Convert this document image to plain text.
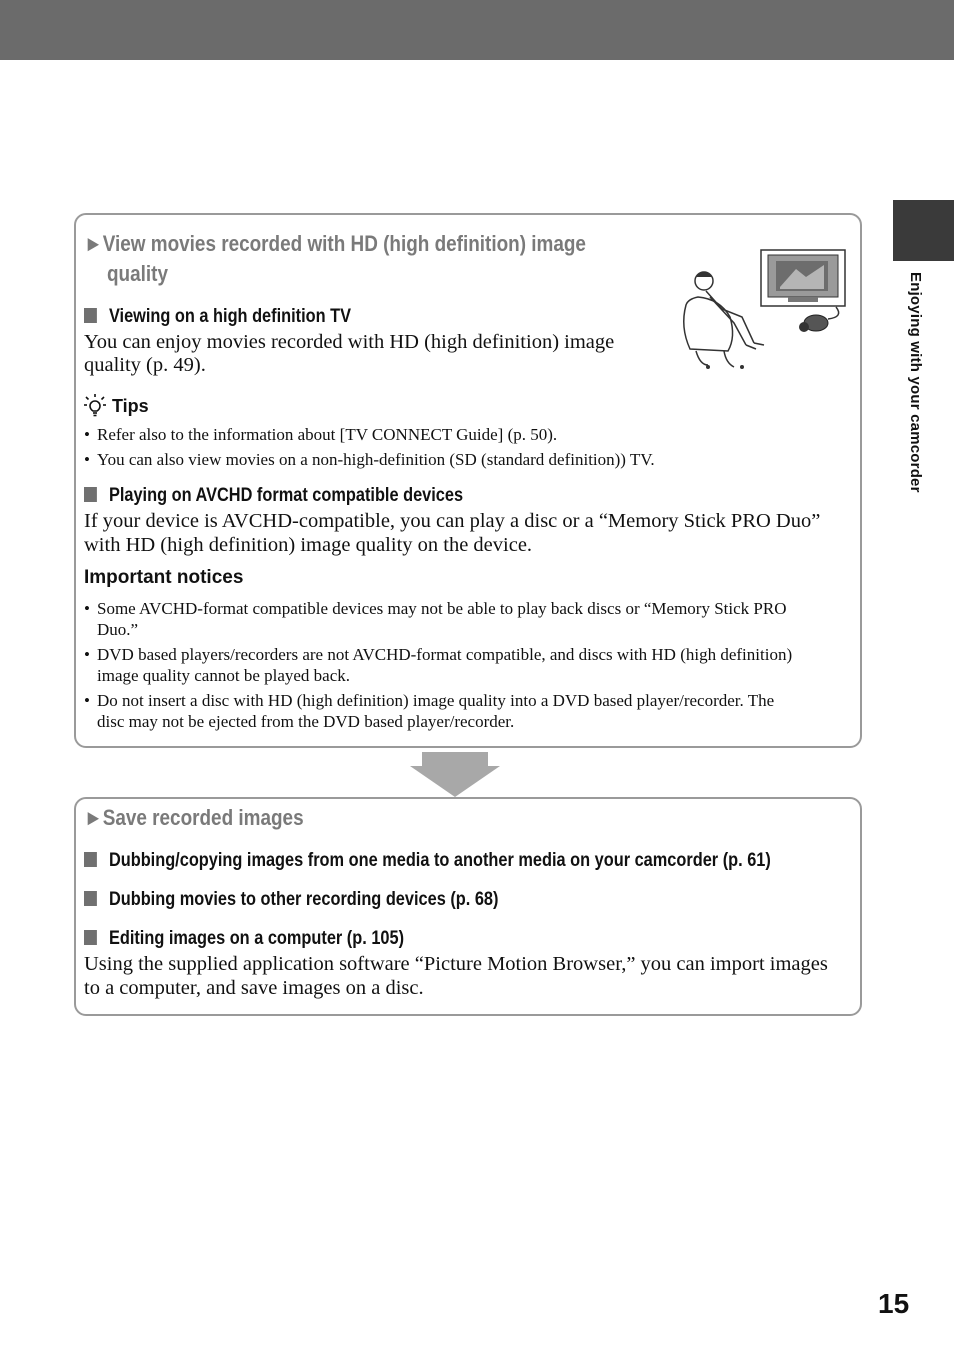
Enjoying with your camcorder
►View movies recorded with HD (high definition) image
quality
Viewing on a high definition TV
You can enjoy movies recorded with HD (high definition) image
quality (p. 49).
Tips
• Refer also to the information about [TV CONNECT Guide] (p. 50).
• You can also view movies on a non-high-definition (SD (standard definition)) TV.
Playing on AVCHD format compatible devices
If your device is AVCHD-compatible, you can play a disc or a “Memory Stick PRO Duo”
with HD (high definition) image quality on the device.
Important notices
• Some AVCHD-format compatible devices may not be able to play back discs or “Memory Stick PRO
Duo.”
• DVD based players/recorders are not AVCHD-format compatible, and discs with HD (high definition)
image quality cannot be played back.
• Do not insert a disc with HD (high definition) image quality into a DVD based player/recorder. The
disc may not be ejected from the DVD based player/recorder.
►Save recorded images
Dubbing/copying images from one media to another media on your camcorder (p. 61)
Dubbing movies to other recording devices (p. 68)
Editing images on a computer (p. 105)
Using the supplied application software “Picture Motion Browser,” you can import images
to a computer, and save images on a disc.
15
